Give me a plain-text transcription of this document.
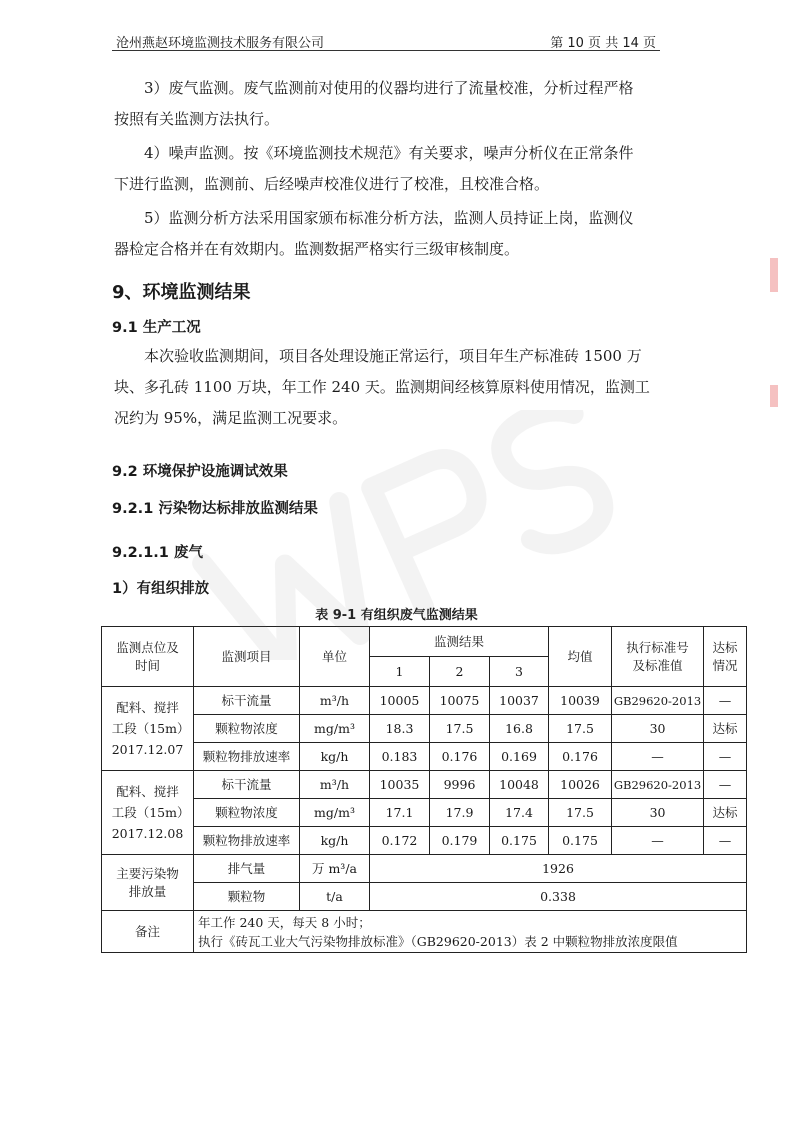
沧州燕赵环境监测技术服务有限公司	第 10 页 共 14 页

3）废气监测。废气监测前对使用的仪器均进行了流量校准，分析过程严格
按照有关监测方法执行。

4）噪声监测。按《环境监测技术规范》有关要求，噪声分析仪在正常条件
下进行监测，监测前、后经噪声校准仪进行了校准，且校准合格。

5）监测分析方法采用国家颁布标准分析方法，监测人员持证上岗，监测仪
器检定合格并在有效期内。监测数据严格实行三级审核制度。

9、环境监测结果
9.1 生产工况

本次验收监测期间，项目各处理设施正常运行，项目年生产标准砖 1500 万
块、多孔砖 1100 万块，年工作 240 天。监测期间经核算原料使用情况，监测工
况约为 95%，满足监测工况要求。

9.2 环境保护设施调试效果
9.2.1 污染物达标排放监测结果
9.2.1.1 废气
1）有组织排放
表 9-1 有组织废气监测结果
监测点位及时间	监测项目	单位	监测结果			均值	执行标准号及标准值	达标情况

			1	2	3			

配料、搅拌工段（15m）2017.12.07	标干流量	m³/h	10005	10075	10037	10039	GB29620-2013	—
	颗粒物浓度	mg/m³	18.3	17.5	16.8	17.5	30	达标
	颗粒物排放速率	kg/h	0.183	0.176	0.169	0.176	—	—

配料、搅拌工段（15m）2017.12.08	标干流量	m³/h	10035	9996	10048	10026	GB29620-2013	—
	颗粒物浓度	mg/m³	17.1	17.9	17.4	17.5	30	达标
	颗粒物排放速率	kg/h	0.172	0.179	0.175	0.175	—	—

主要污染物排放量	排气量	万 m³/a	1926					
	颗粒物	t/a	0.338					
备注	年工作 240 天，每天 8 小时；
执行《砖瓦工业大气污染物排放标准》（GB29620-2013）表 2 中颗粒物排放浓度限值							
